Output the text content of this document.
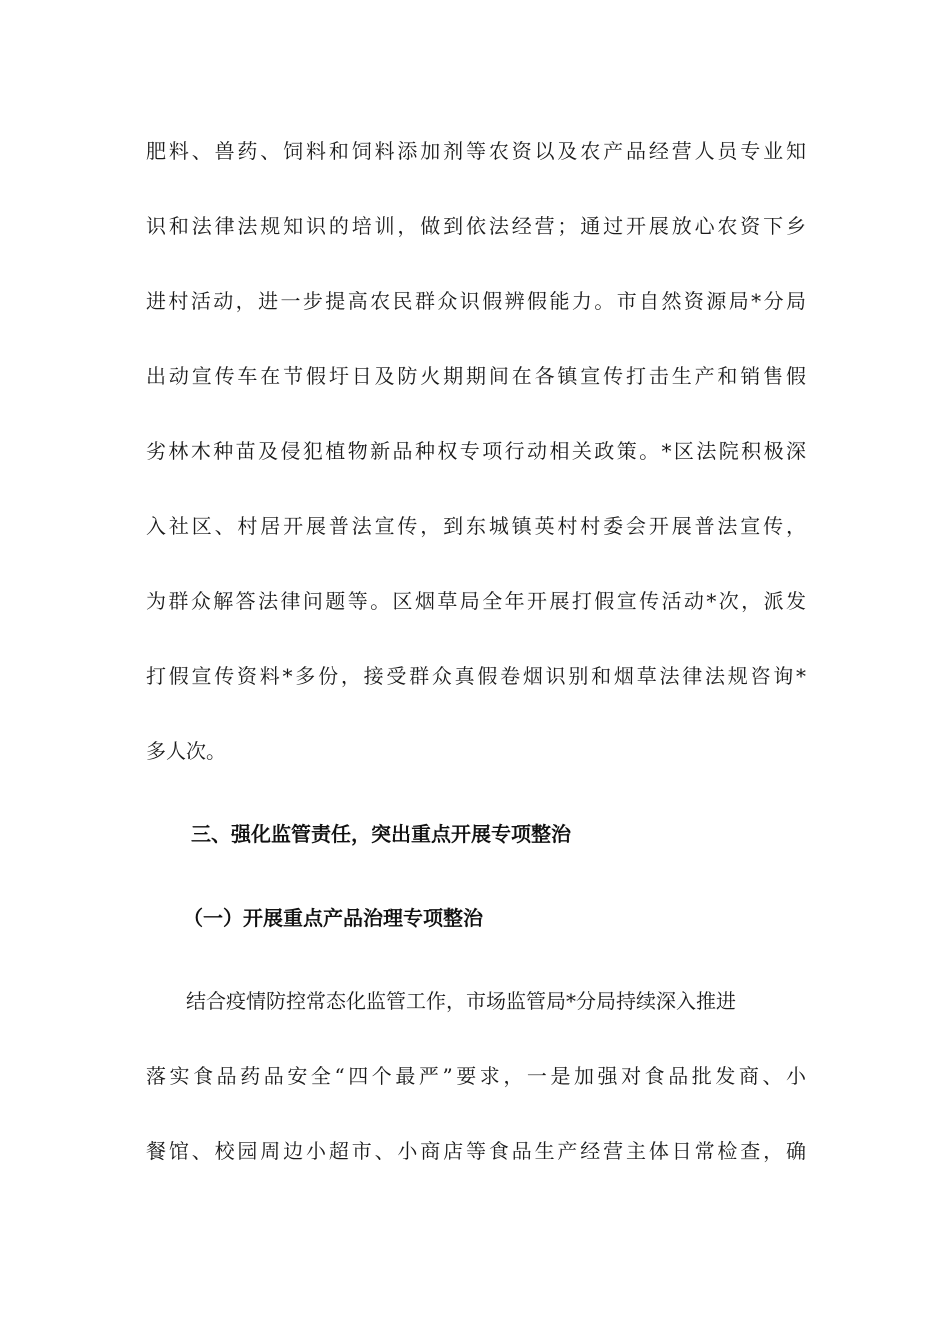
肥料、兽药、饲料和饲料添加剂等农资以及农产品经营人员专业知
识和法律法规知识的培训，做到依法经营；通过开展放心农资下乡
进村活动，进一步提高农民群众识假辨假能力。市自然资源局*分局
出动宣传车在节假圩日及防火期期间在各镇宣传打击生产和销售假
劣林木种苗及侵犯植物新品种权专项行动相关政策。*区法院积极深
入社区、村居开展普法宣传，到东城镇英村村委会开展普法宣传，
为群众解答法律问题等。区烟草局全年开展打假宣传活动*次，派发
打假宣传资料*多份，接受群众真假卷烟识别和烟草法律法规咨询*
多人次。
三、强化监管责任，突出重点开展专项整治
（一）开展重点产品治理专项整治
　　结合疫情防控常态化监管工作，市场监管局*分局持续深入推进
落实食品药品安全“四个最严”要求，一是加强对食品批发商、小
餐馆、校园周边小超市、小商店等食品生产经营主体日常检查，确
